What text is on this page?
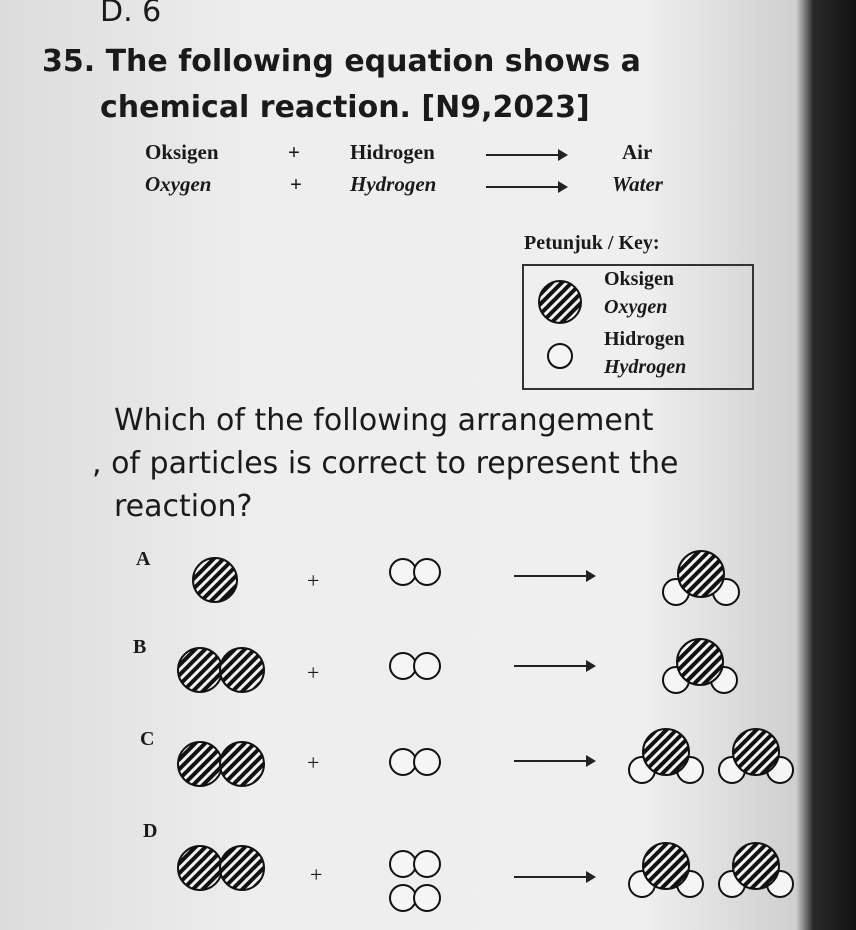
D. 6
35. The following equation shows a
chemical reaction. [N9,2023]
Oksigen	+ Hidrogen	Air
Oxygen	+ Hydrogen	Water
Petunjuk / Key:
Oksigen
Oxygen
Hidrogen
Hydrogen
Which of the following arrangement
, of particles is correct to represent the
reaction?
A
+
B
+
C
+
D
+
